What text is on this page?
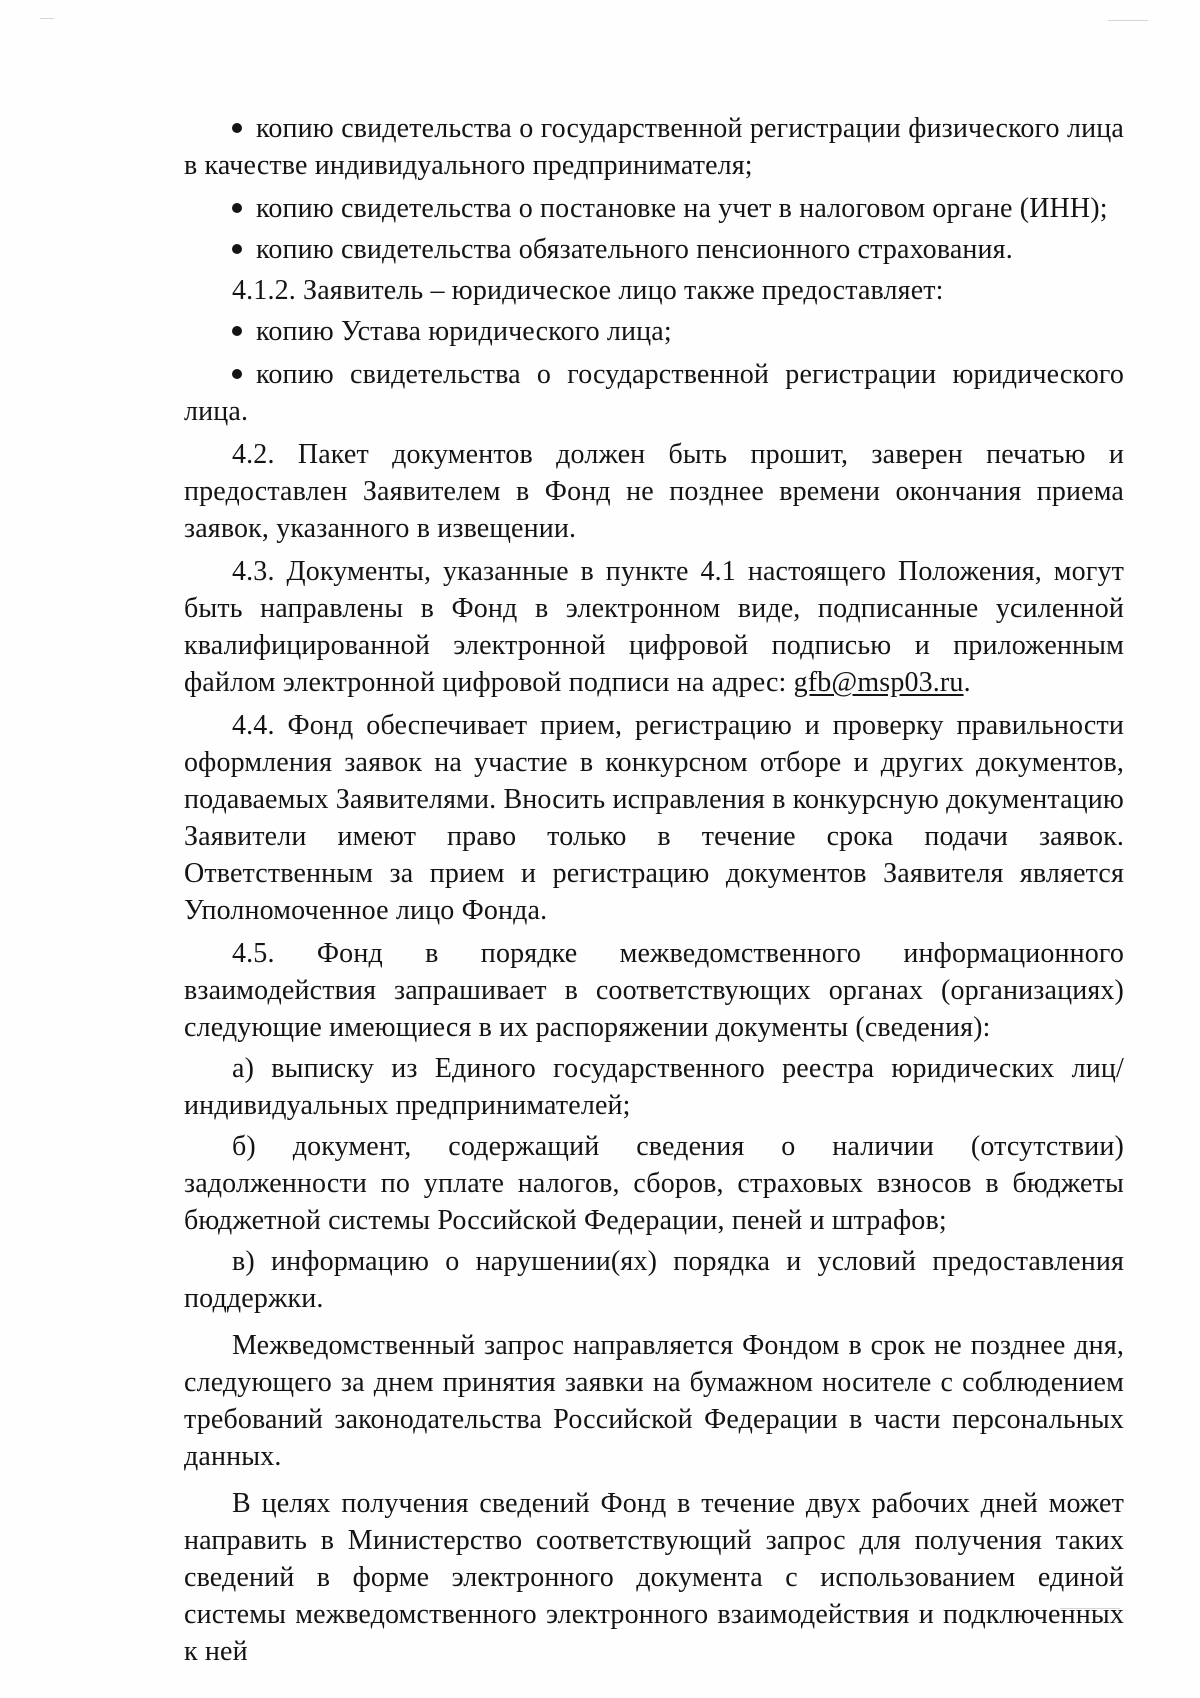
копию свидетельства о государственной регистрации физического лица в качестве индивидуального предпринимателя;

копию свидетельства о постановке на учет в налоговом органе (ИНН);

копию свидетельства обязательного пенсионного страхования.

4.1.2. Заявитель – юридическое лицо также предоставляет:

копию Устава юридического лица;

копию свидетельства о государственной регистрации юридического лица.

4.2. Пакет документов должен быть прошит, заверен печатью и предоставлен Заявителем в Фонд не позднее времени окончания приема заявок, указанного в извещении.

4.3. Документы, указанные в пункте 4.1 настоящего Положения, могут быть направлены в Фонд в электронном виде, подписанные усиленной квалифицированной электронной цифровой подписью и приложенным файлом электронной цифровой подписи на адрес: gfb@msp03.ru.

4.4. Фонд обеспечивает прием, регистрацию и проверку правильности оформления заявок на участие в конкурсном отборе и других документов, подаваемых Заявителями. Вносить исправления в конкурсную документацию Заявители имеют право только в течение срока подачи заявок. Ответственным за прием и регистрацию документов Заявителя является Уполномоченное лицо Фонда.

4.5. Фонд в порядке межведомственного информационного взаимодействия запрашивает в соответствующих органах (организациях) следующие имеющиеся в их распоряжении документы (сведения):

а) выписку из Единого государственного реестра юридических лиц/индивидуальных предпринимателей;

б) документ, содержащий сведения о наличии (отсутствии) задолженности по уплате налогов, сборов, страховых взносов в бюджеты бюджетной системы Российской Федерации, пеней и штрафов;

в) информацию о нарушении(ях) порядка и условий предоставления поддержки.

Межведомственный запрос направляется Фондом в срок не позднее дня, следующего за днем принятия заявки на бумажном носителе с соблюдением требований законодательства Российской Федерации в части персональных данных.

В целях получения сведений Фонд в течение двух рабочих дней может направить в Министерство соответствующий запрос для получения таких сведений в форме электронного документа с использованием единой системы межведомственного электронного взаимодействия и подключенных к ней
